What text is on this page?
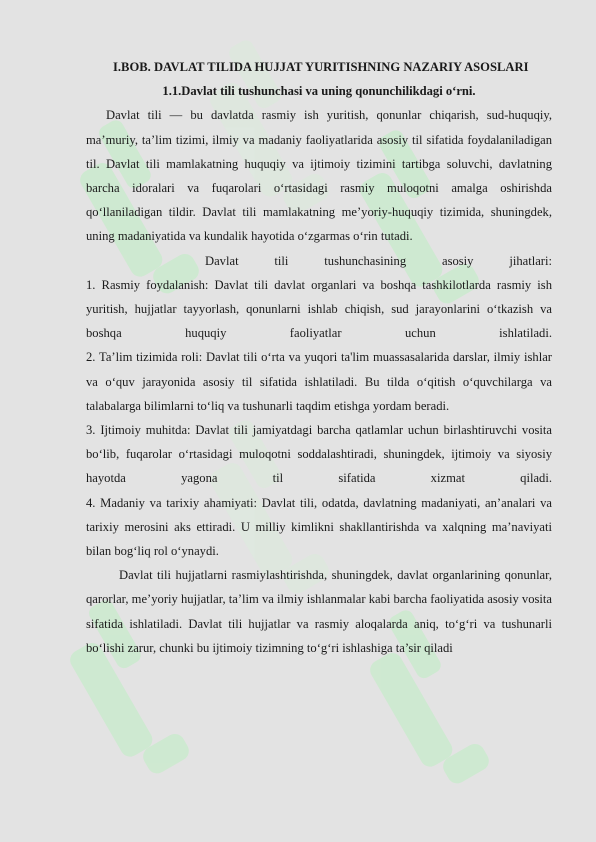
I.BOB. DAVLAT TILIDA HUJJAT YURITISHNING NAZARIY ASOSLARI
1.1.Davlat tili tushunchasi va uning qonunchilikdagi o‘rni.

Davlat tili — bu davlatda rasmiy ish yuritish, qonunlar chiqarish, sud-huquqiy, ma’muriy, ta’lim tizimi, ilmiy va madaniy faoliyatlarida asosiy til sifatida foydalaniladigan til. Davlat tili mamlakatning huquqiy va ijtimoiy tizimini tartibga soluvchi, davlatning barcha idoralari va fuqarolari o‘rtasidagi rasmiy muloqotni amalga oshirishda qo‘llaniladigan tildir. Davlat tili mamlakatning me’yoriy-huquqiy tizimida, shuningdek, uning madaniyatida va kundalik hayotida o‘zgarmas o‘rin tutadi.

Davlat tili tushunchasining asosiy jihatlari:

1. Rasmiy foydalanish: Davlat tili davlat organlari va boshqa tashkilotlarda rasmiy ish yuritish, hujjatlar tayyorlash, qonunlarni ishlab chiqish, sud jarayonlarini o‘tkazish va boshqa huquqiy faoliyatlar uchun ishlatiladi.

2. Ta’lim tizimida roli: Davlat tili o‘rta va yuqori ta'lim muassasalarida darslar, ilmiy ishlar va o‘quv jarayonida asosiy til sifatida ishlatiladi. Bu tilda o‘qitish o‘quvchilarga va talabalarga bilimlarni to‘liq va tushunarli taqdim etishga yordam beradi.

3. Ijtimoiy muhitda: Davlat tili jamiyatdagi barcha qatlamlar uchun birlashtiruvchi vosita bo‘lib, fuqarolar o‘rtasidagi muloqotni soddalashtiradi, shuningdek, ijtimoiy va siyosiy hayotda yagona til sifatida xizmat qiladi.

4. Madaniy va tarixiy ahamiyati: Davlat tili, odatda, davlatning madaniyati, an’analari va tarixiy merosini aks ettiradi. U milliy kimlikni shakllantirishda va xalqning ma’naviyati bilan bog‘liq rol o‘ynaydi.

Davlat tili hujjatlarni rasmiylashtirishda, shuningdek, davlat organlarining qonunlar, qarorlar, me’yoriy hujjatlar, ta’lim va ilmiy ishlanmalar kabi barcha faoliyatida asosiy vosita sifatida ishlatiladi. Davlat tili hujjatlar va rasmiy aloqalarda aniq, to‘g‘ri va tushunarli bo‘lishi zarur, chunki bu ijtimoiy tizimning to‘g‘ri ishlashiga ta’sir qiladi
